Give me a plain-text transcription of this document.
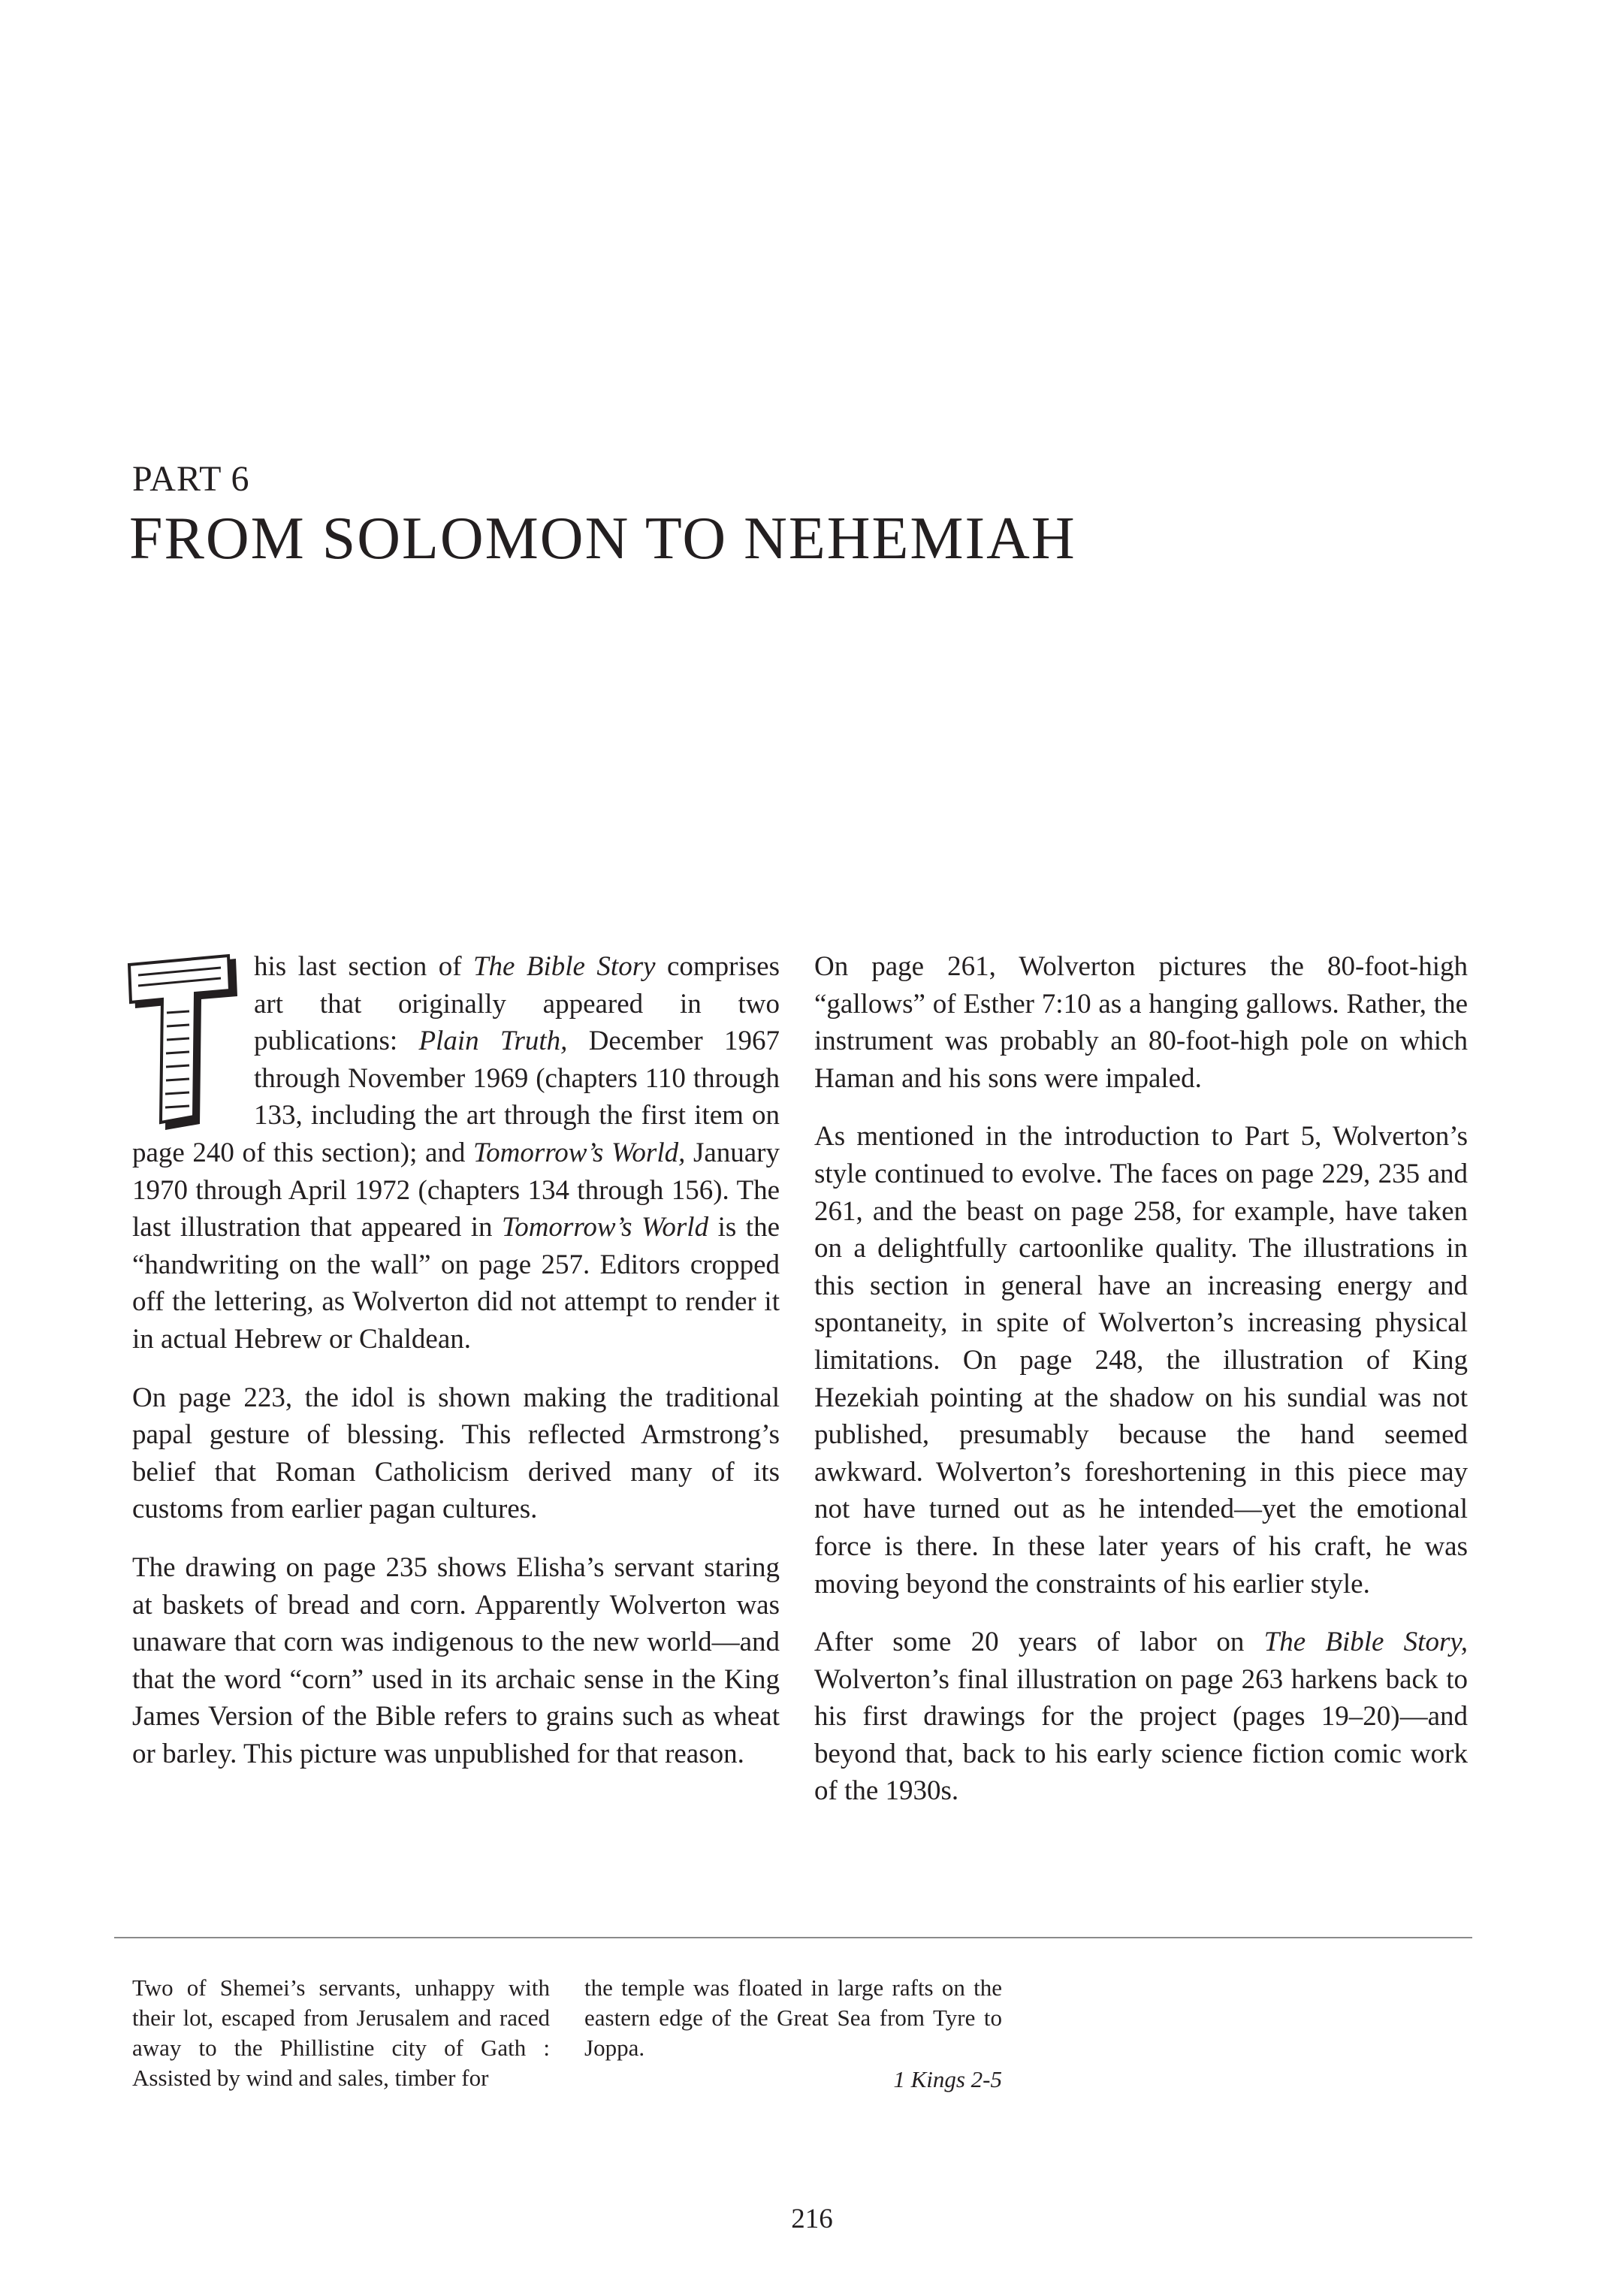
PART 6
FROM SOLOMON TO NEHEMIAH

his last section of The Bible Story comprises art that originally appeared in two publications: Plain Truth, December 1967 through November 1969 (chapters 110 through 133, including the art through the first item on page 240 of this section); and Tomorrow’s World, January 1970 through April 1972 (chapters 134 through 156). The last illustration that appeared in Tomorrow’s World is the “handwriting on the wall” on page 257. Editors cropped off the lettering, as Wolverton did not attempt to render it in actual Hebrew or Chaldean.

On page 223, the idol is shown making the traditional papal gesture of blessing. This reflected Armstrong’s belief that Roman Catholicism derived many of its customs from earlier pagan cultures.

The drawing on page 235 shows Elisha’s servant staring at baskets of bread and corn. Apparently Wolverton was unaware that corn was indigenous to the new world—and that the word “corn” used in its archaic sense in the King James Version of the Bible refers to grains such as wheat or barley. This picture was unpublished for that reason.

On page 261, Wolverton pictures the 80-foot-high “gallows” of Esther 7:10 as a hanging gallows. Rather, the instrument was probably an 80-foot-high pole on which Haman and his sons were impaled.

As mentioned in the introduction to Part 5, Wolverton’s style continued to evolve. The faces on page 229, 235 and 261, and the beast on page 258, for example, have taken on a delightfully cartoonlike quality. The illustrations in this section in general have an increasing energy and spontaneity, in spite of Wolverton’s increasing physical limitations. On page 248, the illustration of King Hezekiah pointing at the shadow on his sundial was not published, presumably because the hand seemed awkward. Wolverton’s foreshortening in this piece may not have turned out as he intended—yet the emotional force is there. In these later years of his craft, he was moving beyond the constraints of his earlier style.

After some 20 years of labor on The Bible Story, Wolverton’s final illustration on page 263 harkens back to his first drawings for the project (pages 19–20)—and beyond that, back to his early science fiction comic work of the 1930s.

Two of Shemei’s servants, unhappy with their lot, escaped from Jerusalem and raced away to the Phillistine city of Gath : Assisted by wind and sales, timber for
the temple was floated in large rafts on the eastern edge of the Great Sea from Tyre to Joppa.
1 Kings 2-5
216
